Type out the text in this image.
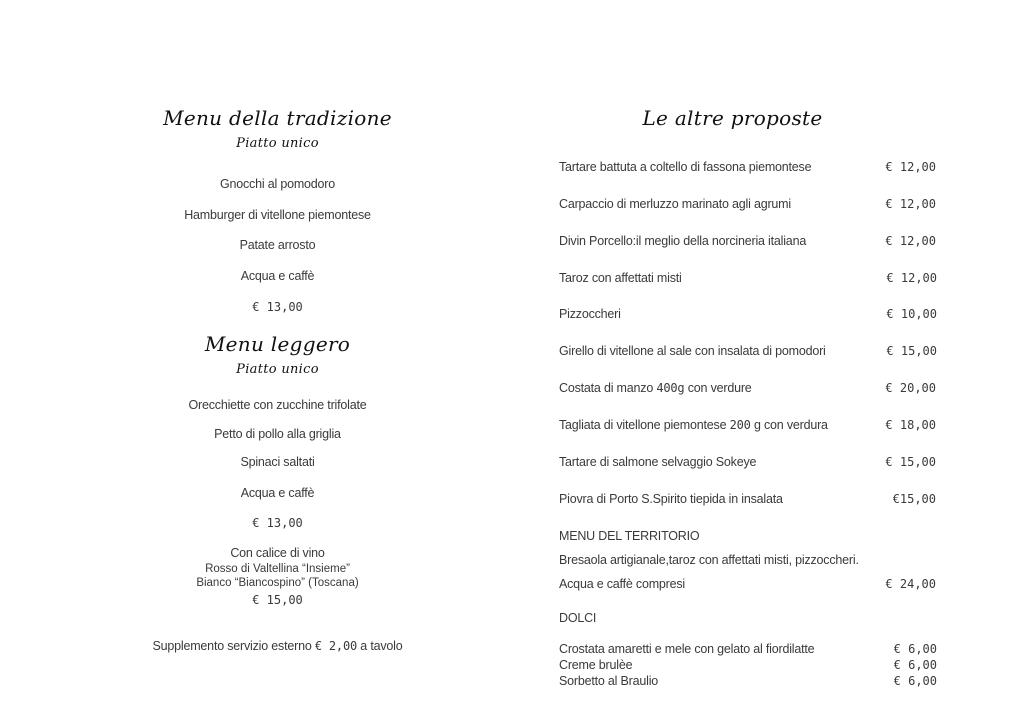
Menu della tradizione
Piatto unico
Gnocchi al pomodoro
Hamburger di vitellone piemontese
Patate arrosto
Acqua e caffè
€ 13,00
Menu leggero
Piatto unico
Orecchiette con zucchine trifolate
Petto di pollo alla griglia
Spinaci saltati
Acqua e caffè
€ 13,00
Con calice di vino
Rosso di Valtellina “Insieme”
Bianco “Biancospino” (Toscana)
€ 15,00
Supplemento servizio esterno € 2,00 a tavolo
Le altre proposte
Tartare battuta a coltello di fassona piemontese	€ 12,00
Carpaccio di merluzzo marinato agli agrumi	€ 12,00
Divin Porcello:il meglio della norcineria italiana	€ 12,00
Taroz con affettati misti	€ 12,00
Pizzoccheri	€ 10,00
Girello di vitellone al sale con insalata di pomodori	€ 15,00
Costata di manzo 400g con verdure	€ 20,00
Tagliata di vitellone piemontese 200 g con verdura	€ 18,00
Tartare di salmone selvaggio Sokeye	€ 15,00
Piovra di Porto S.Spirito tiepida in insalata	€15,00
MENU DEL TERRITORIO
Bresaola artigianale,taroz con affettati misti, pizzoccheri.
Acqua e caffè compresi	€ 24,00
DOLCI
Crostata amaretti e mele con gelato al fiordilatte	€ 6,00
Creme brulèe	€ 6,00
Sorbetto al Braulio	€ 6,00
